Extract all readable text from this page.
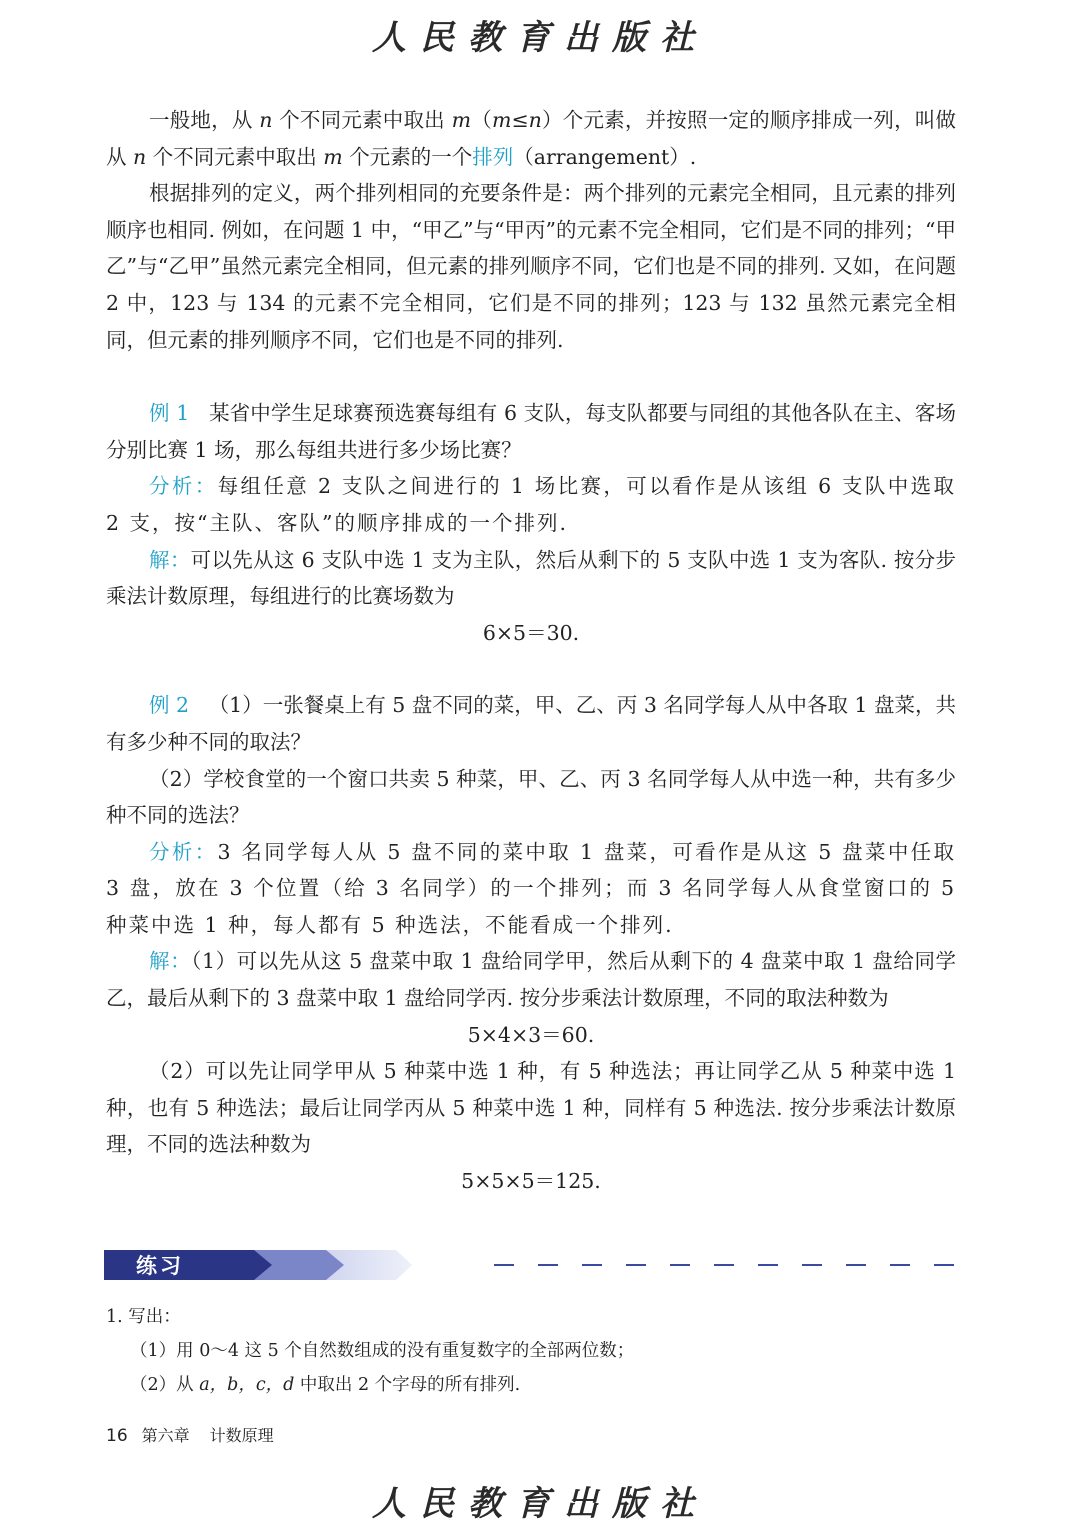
人民教育出版社

一般地，从 n 个不同元素中取出 m（m≤n）个元素，并按照一定的顺序排成一列，叫做从 n 个不同元素中取出 m 个元素的一个排列（arrangement）.

根据排列的定义，两个排列相同的充要条件是：两个排列的元素完全相同，且元素的排列顺序也相同. 例如，在问题 1 中，“甲乙”与“甲丙”的元素不完全相同，它们是不同的排列；“甲乙”与“乙甲”虽然元素完全相同，但元素的排列顺序不同，它们也是不同的排列. 又如，在问题 2 中，123 与 134 的元素不完全相同，它们是不同的排列；123 与 132 虽然元素完全相同，但元素的排列顺序不同，它们也是不同的排列.

例 1 某省中学生足球赛预选赛每组有 6 支队，每支队都要与同组的其他各队在主、客场分别比赛 1 场，那么每组共进行多少场比赛？

分析：每组任意 2 支队之间进行的 1 场比赛，可以看作是从该组 6 支队中选取 2 支，按“主队、客队”的顺序排成的一个排列.

解：可以先从这 6 支队中选 1 支为主队，然后从剩下的 5 支队中选 1 支为客队. 按分步乘法计数原理，每组进行的比赛场数为

6×5＝30.

例 2 （1）一张餐桌上有 5 盘不同的菜，甲、乙、丙 3 名同学每人从中各取 1 盘菜，共有多少种不同的取法？

（2）学校食堂的一个窗口共卖 5 种菜，甲、乙、丙 3 名同学每人从中选一种，共有多少种不同的选法？

分析：3 名同学每人从 5 盘不同的菜中取 1 盘菜，可看作是从这 5 盘菜中任取 3 盘，放在 3 个位置（给 3 名同学）的一个排列；而 3 名同学每人从食堂窗口的 5 种菜中选 1 种，每人都有 5 种选法，不能看成一个排列.

解：（1）可以先从这 5 盘菜中取 1 盘给同学甲，然后从剩下的 4 盘菜中取 1 盘给同学乙，最后从剩下的 3 盘菜中取 1 盘给同学丙. 按分步乘法计数原理，不同的取法种数为

5×4×3＝60.

（2）可以先让同学甲从 5 种菜中选 1 种，有 5 种选法；再让同学乙从 5 种菜中选 1 种，也有 5 种选法；最后让同学丙从 5 种菜中选 1 种，同样有 5 种选法. 按分步乘法计数原理，不同的选法种数为

5×5×5＝125.

练习

1. 写出：

（1）用 0～4 这 5 个自然数组成的没有重复数字的全部两位数；

（2）从 a，b，c，d 中取出 2 个字母的所有排列.

16 第六章 计数原理
人民教育出版社
